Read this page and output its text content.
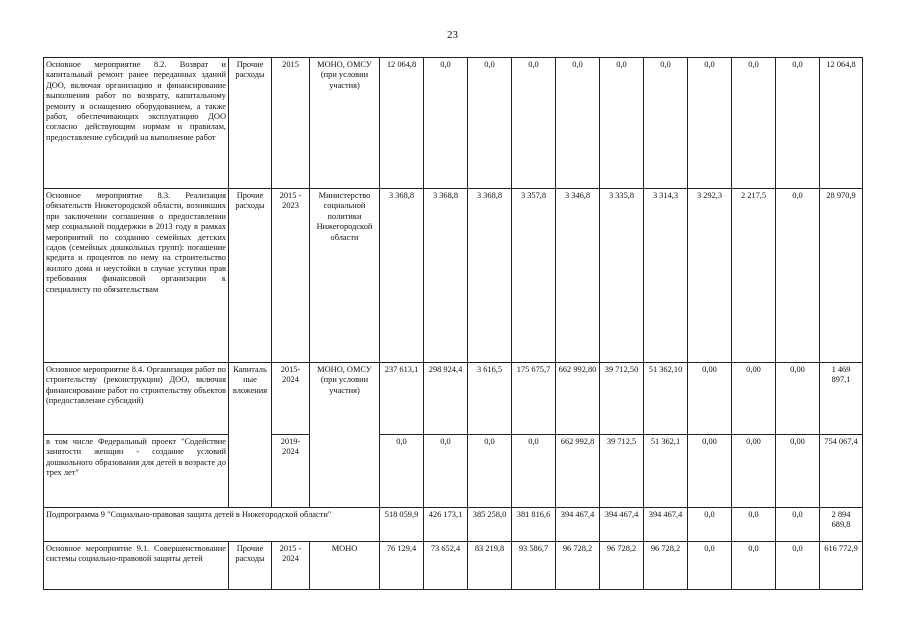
23
Основное мероприятие 8.2. Возврат и капитальный ремонт ранее переданных зданий ДОО, включая организацию и финансирование выполнения работ по возврату, капитальному ремонту и оснащению оборудованием, а также работ, обеспечивающих эксплуатацию ДОО согласно действующим нормам и правилам, предоставление субсидий на выполнение работ	Прочие расходы	2015	МОНО, ОМСУ (при условии участия)	12 064,8	0,0	0,0	0,0	0,0	0,0	0,0	0,0	0,0	0,0	12 064,8
Основное мероприятие 8.3. Реализация обязательств Нижегородской области, возникших при заключении соглашения о предоставлении мер социальной поддержки в 2013 году в рамках мероприятий по созданию семейных детских садов (семейных дошкольных групп): погашение кредита и процентов по нему на строительство жилого дома и неустойки в случае уступки прав требования финансовой организации к специалисту по обязательствам	Прочие расходы	2015 - 2023	Министерство социальной политики Нижегородской области	3 368,8	3 368,8	3 368,8	3 357,8	3 346,8	3 335,8	3 314,3	3 292,3	2 217,5	0,0	28 970,9
Основное мероприятие 8.4. Организация работ по строительству (реконструкции) ДОО, включая финансирование работ по строительству объектов (предоставление субсидий)	Капитальные вложения	2015-2024	МОНО, ОМСУ (при условии участия)	237 613,1	298 924,4	3 616,5	175 675,7	662 992,80	39 712,50	51 362,10	0,00	0,00	0,00	1 469 897,1
в том числе Федеральный проект "Содействие занятости женщин - создание условий дошкольного образования для детей в возрасте до трех лет"		2019-2024		0,0	0,0	0,0	0,0	662 992,8	39 712,5	51 362,1	0,00	0,00	0,00	754 067,4
Подпрограмма 9 "Социально-правовая защита детей в Нижегородской области"				518 059,9	426 173,1	385 258,0	381 816,6	394 467,4	394 467,4	394 467,4	0,0	0,0	0,0	2 894 689,8
Основное мероприятие 9.1. Совершенствование системы социально-правовой защиты детей	Прочие расходы	2015 - 2024	МОНО	76 129,4	73 652,4	83 219,8	93 586,7	96 728,2	96 728,2	96 728,2	0,0	0,0	0,0	616 772,9
